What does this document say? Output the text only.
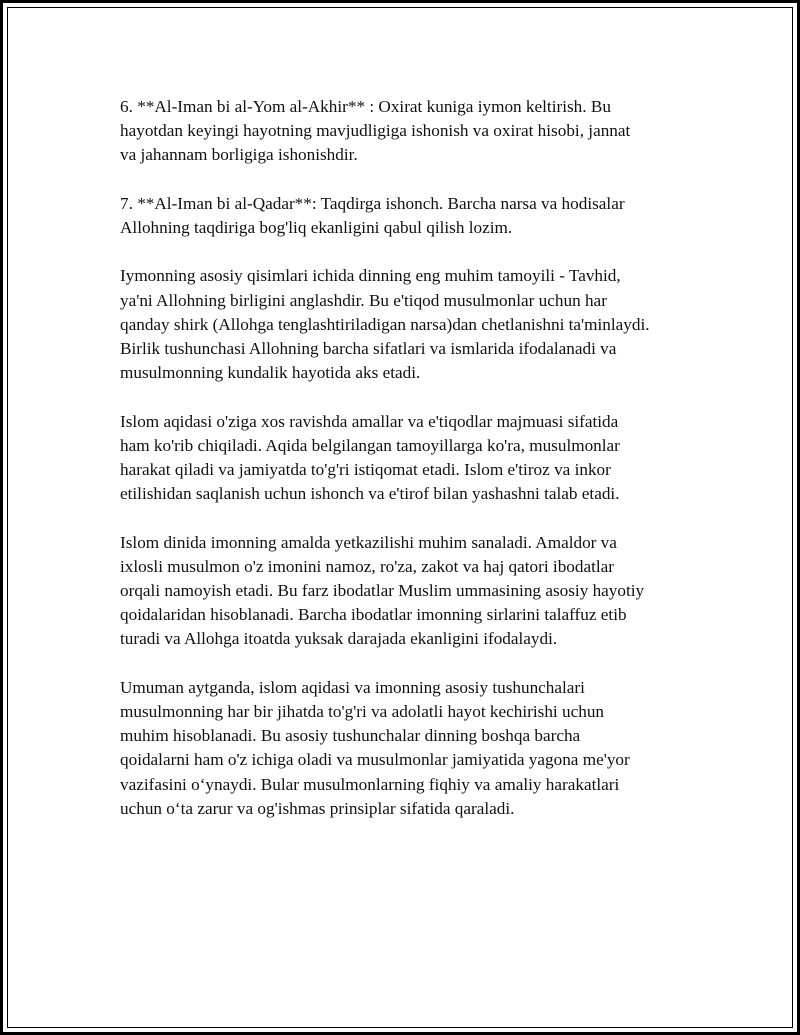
6. **Al-Iman bi al-Yom al-Akhir** : Oxirat kuniga iymon keltirish. Bu
hayotdan keyingi hayotning mavjudligiga ishonish va oxirat hisobi, jannat
va jahannam borligiga ishonishdir.

7. **Al-Iman bi al-Qadar**: Taqdirga ishonch. Barcha narsa va hodisalar
Allohning taqdiriga bog'liq ekanligini qabul qilish lozim.

Iymonning asosiy qisimlari ichida dinning eng muhim tamoyili - Tavhid,
ya'ni Allohning birligini anglashdir. Bu e'tiqod musulmonlar uchun har
qanday shirk (Allohga tenglashtiriladigan narsa)dan chetlanishni ta'minlaydi.
Birlik tushunchasi Allohning barcha sifatlari va ismlarida ifodalanadi va
musulmonning kundalik hayotida aks etadi.

Islom aqidasi o'ziga xos ravishda amallar va e'tiqodlar majmuasi sifatida
ham ko'rib chiqiladi. Aqida belgilangan tamoyillarga ko'ra, musulmonlar
harakat qiladi va jamiyatda to'g'ri istiqomat etadi. Islom e'tiroz va inkor
etilishidan saqlanish uchun ishonch va e'tirof bilan yashashni talab etadi.

Islom dinida imonning amalda yetkazilishi muhim sanaladi. Amaldor va
ixlosli musulmon o'z imonini namoz, ro'za, zakot va haj qatori ibodatlar
orqali namoyish etadi. Bu farz ibodatlar Muslim ummasining asosiy hayotiy
qoidalaridan hisoblanadi. Barcha ibodatlar imonning sirlarini talaffuz etib
turadi va Allohga itoatda yuksak darajada ekanligini ifodalaydi.

Umuman aytganda, islom aqidasi va imonning asosiy tushunchalari
musulmonning har bir jihatda to'g'ri va adolatli hayot kechirishi uchun
muhim hisoblanadi. Bu asosiy tushunchalar dinning boshqa barcha
qoidalarni ham o'z ichiga oladi va musulmonlar jamiyatida yagona me'yor
vazifasini oʻynaydi. Bular musulmonlarning fiqhiy va amaliy harakatlari
uchun oʻta zarur va og'ishmas prinsiplar sifatida qaraladi.
